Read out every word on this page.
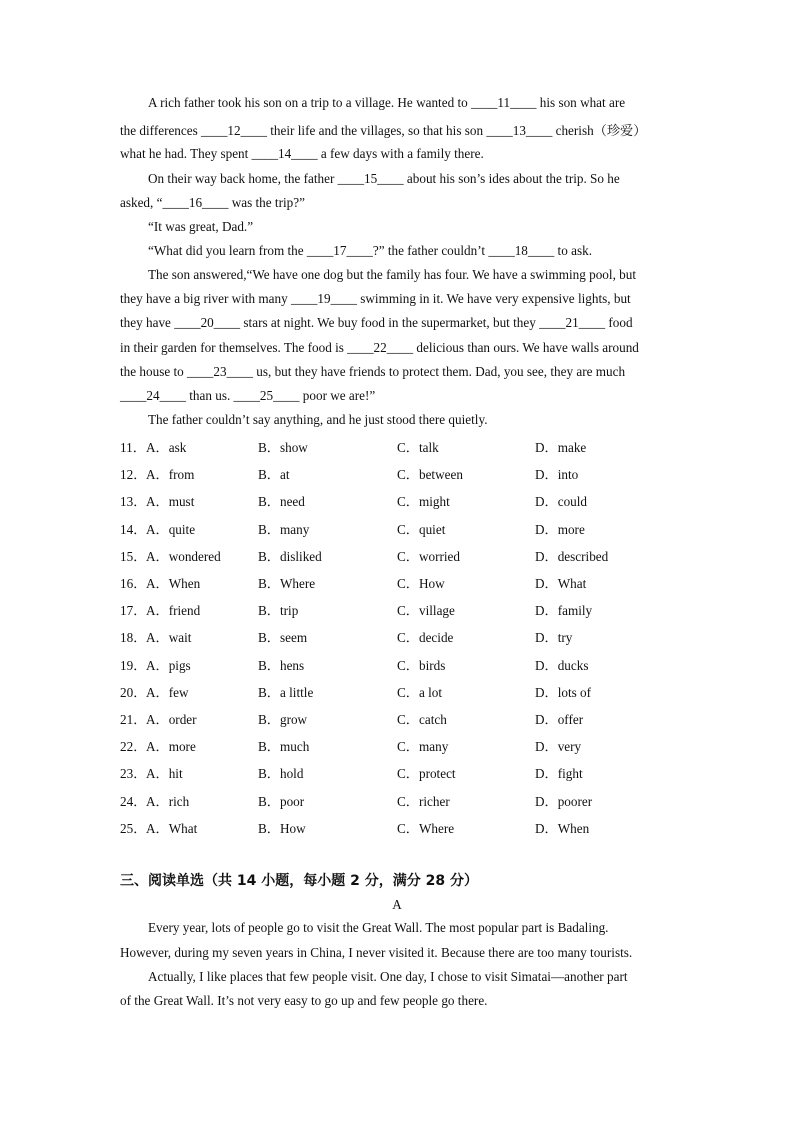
A rich father took his son on a trip to a village. He wanted to ____11____ his son what are
the differences ____12____ their life and the villages, so that his son ____13____ cherish（珍爱）
what he had. They spent ____14____ a few days with a family there.
On their way back home, the father ____15____ about his son’s ides about the trip. So he
asked, “____16____ was the trip?”
“It was great, Dad.”
“What did you learn from the ____17____?” the father couldn’t ____18____ to ask.
The son answered,“We have one dog but the family has four. We have a swimming pool, but
they have a big river with many ____19____ swimming in it. We have very expensive lights, but
they have ____20____ stars at night. We buy food in the supermarket, but they ____21____ food
in their garden for themselves. The food is ____22____ delicious than ours. We have walls around
the house to ____23____ us, but they have friends to protect them. Dad, you see, they are much
____24____ than us. ____25____ poor we are!”
The father couldn’t say anything, and he just stood there quietly.
11． A．ask	B．show	C．talk	D．make
12． A．from	B．at	C．between	D．into
13． A．must	B．need	C．might	D．could
14． A．quite	B．many	C．quiet	D．more
15． A．wondered	B．disliked	C．worried	D．described
16． A．When	B．Where	C．How	D．What
17． A．friend	B．trip	C．village	D．family
18． A．wait	B．seem	C．decide	D．try
19． A．pigs	B．hens	C．birds	D．ducks
20． A．few	B．a little	C．a lot	D．lots of
21． A．order	B．grow	C．catch	D．offer
22． A．more	B．much	C．many	D．very
23． A．hit	B．hold	C．protect	D．fight
24． A．rich	B．poor	C．richer	D．poorer
25． A．What	B．How	C．Where	D．When
三、阅读单选（共 14 小题，每小题 2 分，满分 28 分）
A
Every year, lots of people go to visit the Great Wall. The most popular part is Badaling.
However, during my seven years in China, I never visited it. Because there are too many tourists.
Actually, I like places that few people visit. One day, I chose to visit Simatai—another part
of the Great Wall. It’s not very easy to go up and few people go there.
